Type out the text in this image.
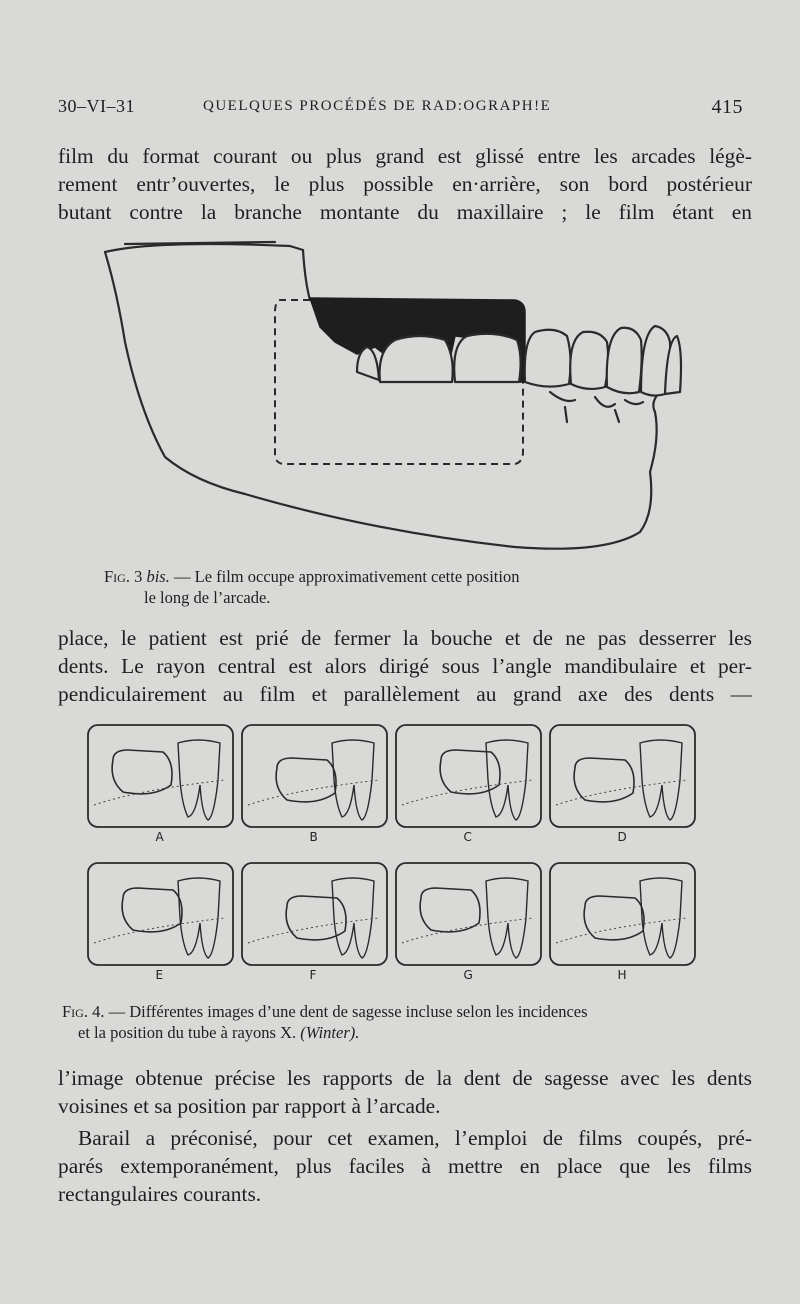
30–VI–31	QUELQUES PROCÉDÉS DE RAD:OGRAPH!E	415
film du format courant ou plus grand est glissé entre les arcades légè-
rement entr’ouvertes, le plus possible en·arrière, son bord postérieur
butant contre la branche montante du maxillaire ; le film étant en
Fig. 3 bis. — Le film occupe approximativement cette position
le long de l’arcade.
place, le patient est prié de fermer la bouche et de ne pas desserrer les
dents. Le rayon central est alors dirigé sous l’angle mandibulaire et per-
pendiculairement au film et parallèlement au grand axe des dents —
A	B	C	D
E	F	G	H
Fig. 4. — Différentes images d’une dent de sagesse incluse selon les incidences
et la position du tube à rayons X. (Winter).
l’image obtenue précise les rapports de la dent de sagesse avec les dents
voisines et sa position par rapport à l’arcade.
Barail a préconisé, pour cet examen, l’emploi de films coupés, pré-
parés extemporanément, plus faciles à mettre en place que les films
rectangulaires courants.
